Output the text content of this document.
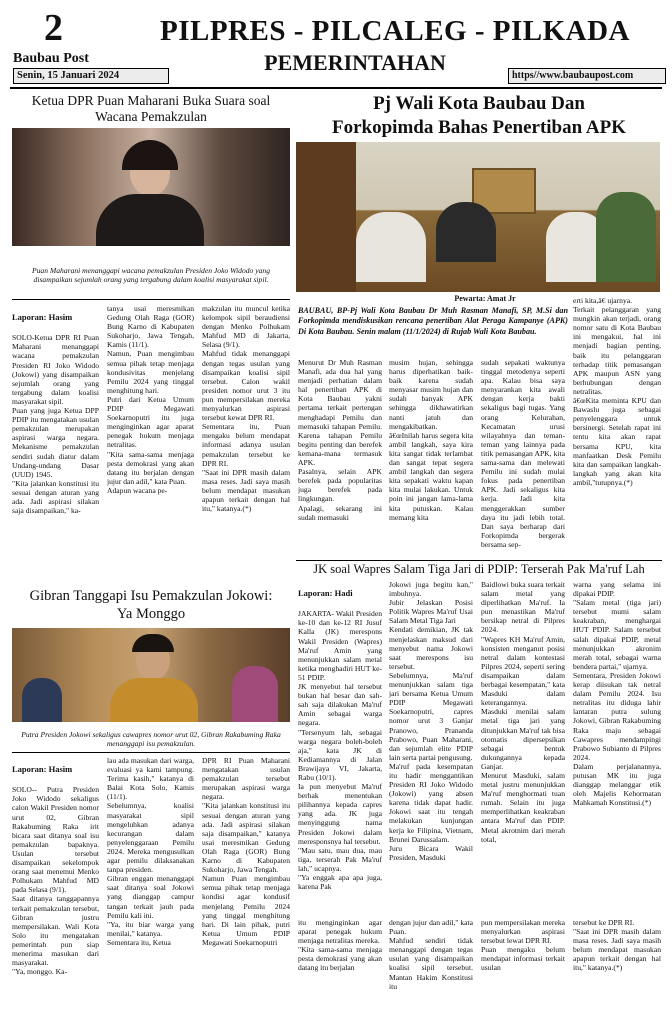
2
Baubau Post
Senin, 15 Januari 2024
PILPRES - PILCALEG - PILKADA
PEMERINTAHAN
https//www.baubaupost.com
Ketua DPR Puan Maharani Buka Suara soal Wacana Pemakzulan
Puan Maharani menanggapi wacana pemakzulan Presiden Joko Widodo yang disampaikan sejumlah orang yang tergabung dalam koalisi masyarakat sipil.

Laporan: Hasim

SOLO-Ketua DPR RI Puan Maharani menanggapi wacana pemakzulan Presiden RI Joko Widodo (Jokowi) yang disampaikan sejumlah orang yang tergabung dalam koalisi masyarakat sipil.
Puan yang juga Ketua DPP PDIP itu mengatakan usulan pemakzulan merupakan aspirasi warga negara. Mekanisme pemakzulan sendiri sudah diatur dalam Undang-undang Dasar (UUD) 1945.
"Kita jalankan konstitusi itu sesuai dengan aturan yang ada. Jadi aspirasi silakan saja disampaikan," ka-

tanya usai meresmikan Gedung Olah Raga (GOR) Bung Karno di Kabupaten Sukoharjo, Jawa Tengah, Kamis (11/1).
Namun, Puan mengimbau semua pihak tetap menjaga kondusivitas menjelang Pemilu 2024 yang tinggal menghitung hari.
Putri dari Ketua Umum PDIP Megawati Soekarnoputri itu juga menginginkan agar aparat penegak hukum menjaga netralitas.
"Kita sama-sama menjaga pesta demokrasi yang akan datang itu berjalan dengan jujur dan adil," kata Puan.
Adapun wacana pe-
makzulan itu muncul ketika kelompok sipil beraudiensi dengan Menko Polhukam Mahfud MD di Jakarta, Selasa (9/1).
Mahfud tidak menanggapi dengan tegas usulan yang disampaikan koalisi sipil tersebut. Calon wakil presiden nomor urut 3 itu pun mempersilakan mereka menyalurkan aspirasi tersebut kewat DPR RI.
Sementara itu, Puan mengaku belum mendapat informasi adanya usulan pemakzulan tersebut ke DPR RI.
"Saat ini DPR masih dalam masa reses. Jadi saya masih belum mendapat masukan apapun terkait dengan hal itu," katanya.(*)
Pj Wali Kota Baubau Dan
Forkopimda Bahas Penertiban APK
Pewarta: Amat Jr
BAUBAU, BP-Pj Wali Kota Baubau Dr Muh Rasman Manafi, SP, M.Si dan Forkopimda mendiskusikan rencana penertiban Alat Peraga Kampanye (APK) Di Kota Baubau. Senin malam (11/1/2024) di Rujab Wali Kota Baubau.
Menurut Dr Muh Rasman Manafi, ada dua hal yang menjadi perhatian dalam hal penertiban APK di Kota Baubau yakni pertama terkait pertengan menghadapi Pemilu dan memasuki tahapan Pemilu. Karena tahapan Pemilu begitu penting dan berefek kemana-mana termasuk APK.
Pasalnya, selain APK berefek pada popularitas juga berefek pada lingkungan.
Apalagi, sekarang ini sudah memasuki
musim hujan, sehingga harus diperhatikan baik-baik karena sudah menyasar musim hujan dan sudah banyak APK sehingga dikhawatirkan nanti jatuh dan mengakibatkan.
â€œInilah harus segera kita ambil langkah, saya kira kita sangat tidak terlambat dan sangat tepat segera ambil langkah dan segera kita sepakati waktu kapan kita mulai lakukan. Untuk poin ini jangan lama-lama kita putuskan. Kalau memang kita
sudah sepakati waktunya tinggal metodenya seperti apa. Kalau bisa saya menyarankan kita awali dengan kerja bakti sekaligus bagi tugas. Yang orang Kelurahan, Kecamatan urusi wilayahnya dan teman-teman yang lainnya pada titik pemasangan APK, kita sama-sama dan melewati Pemilu ini sudah mulai fokus pada penertiban APK. Jadi sekaligus kita kerja. Jadi kita menggerakkan sumber daya itu jadi lebih total. Dan saya berharap dari Forkopimda bergerak bersama sep-
erti kita,â€ ujarnya.
Terkait pelanggaran yang mungkin akan terjadi, orang nomor satu di Kota Baubau ini mengakui, hal ini menjadi bagian penting, baik itu pelanggaran terhadap titik pemasangan APK maupun ASN yang berhubungan dengan netralitas.
â€œKita meminta KPU dan Bawaslu juga sebagai penyelenggara untuk bersinergi. Setelah rapat ini tentu kita akan rapat bersama KPU, kita manfaatkan Desk Pemilu kita dan sampaikan langkah-langkah yang akan kita ambil,"tutupnya.(*)
Gibran Tanggapi Isu Pemakzulan Jokowi:
Ya Monggo
Putra Presiden Jokowi sekaligus cawapres nomor urut 02, Gibran Rakabuming Raka menanggapi isu pemakzulan.

Laporan: Hasim

SOLO-- Putra Presiden Joko Widodo sekaligus calon Wakil Presiden nomor urut 02, Gibran Rakabuming Raka irit bicara saat ditanya soal isu pemakzulan bapaknya. Usulan tersebut disampaikan sekelompok orang saat menemui Menko Polhukam Mahfud MD pada Selasa (9/1).
Saat ditanya tanggapannya terkait pemakzulan tersebut, Gibran justru mempersilakan. Wali Kota Solo itu mengatakan pemerintah pun siap menerima masukan dari masyarakat.
"Ya, monggo. Ka-

lau ada masukan dari warga, evaluasi ya kami tampung. Terima kasih," katanya di Balai Kota Solo, Kamis (11/1).
Sebelumnya, koalisi masyarakat sipil mengeluhkan adanya kecurangan dalam penyelenggaraan Pemilu 2024. Mereka mengusulkan agar pemilu dilaksanakan tanpa presiden.
Gibran enggan menanggapi saat ditanya soal Jokowi yang dianggap campur tangan terkait jauh pada Pemilu kali ini.
"Ya, itu biar warga yang menilai," katanya.
Sementara itu, Ketua
DPR RI Puan Maharani mengatakan usulan pemakzulan tersebut merupakan aspirasi warga negara.
"Kita jalankan konstitusi itu sesuai dengan aturan yang ada. Jadi aspirasi silakan saja disampaikan," katanya usai meresmikan Gedung Olah Raga (GOR) Bung Karno di Kabupaten Sukoharjo, Jawa Tengah.
Namun Puan mengimbau semua pihak tetap menjaga kondisi agar kondusif menjelang Pemilu 2024 yang tinggal menghitung hari. Di lain pihak, putri Ketua Umum PDIP Megawati Soekarnoputri
JK soal Wapres Salam Tiga Jari di PDIP: Terserah Pak Ma'ruf Lah

Laporan: Hadi

JAKARTA- Wakil Presiden ke-10 dan ke-12 RI Jusuf Kalla (JK) merespons Wakil Presiden (Wapres) Ma'ruf Amin yang menunjukkan salam metal ketika menghadiri HUT ke-51 PDIP.
JK menyebut hal tersebut bukan hal besar dan sah-sah saja dilakukan Ma'ruf Amin sebagai warga negara.
"Tersenyum lah, sebagai warga negara boleh-boleh aja," kata JK di Kediamannya di Jalan Brawijaya VI, Jakarta, Rabu (10/1).
Ia pun menyebut Ma'ruf berhak menentukan pilihannya kepada capres yang ada. JK juga menyinggung nama Presiden Jokowi dalam meresponsnya hal tersebut.
"Mau satu, mau dua, mau tiga, terserah Pak Ma'ruf lah," ucapnya.
"Ya enggak apa apa juga, karena Pak

Jokowi juga begitu kan," imbuhnya.
Jubir Jelaskan Posisi Politik Wapres Ma'ruf Usai Salam Metal Tiga Jari
Kendati demikian, JK tak menjelaskan maksud dari menyebut nama Jokowi saat merespons isu tersebut.
Sebelumnya, Ma'ruf menunjukkan salam tiga jari bersama Ketua Umum PDIP Megawati Soekarnoputri, capres nomor urut 3 Ganjar Pranowo, Prananda Prabowo, Puan Maharani, dan sejumlah elite PDIP lain serta partai pengusung.
Ma'ruf pada kesempatan itu hadir menggantikan Presiden RI Joko Widodo (Jokowi) yang absen karena tidak dapat hadir. Jokowi saat itu tengah melakukan kunjungan kerja ke Filipina, Vietnam, Brunei Darussalam.
Juru Bicara Wakil Presiden, Masduki
Baidlowi buka suara terkait salam metal yang diperlihatkan Ma'ruf. Ia pun menastikan Ma'ruf bersikap netral di Pilpres 2024.
"Wapres KH Ma'ruf Amin, konsisten menganut posisi netral dalam kontestasi Pilpres 2024, seperti sering disampaikan dalam berbagai kesempatan," kata Masduki dalam keterangannya.
Masduki menilai salam metal tiga jari yang ditunjukkan Ma'ruf tak bisa otomatis dipersepsikan sebagai bentuk dukungannya kepada Ganjar.
Menurut Masduki, salam metal justru menunjukkan Ma'ruf menghormati tuan rumah. Selain itu juga memperlihatkan keakraban antara Ma'ruf dan PDIP. Metal akrotnim dari merah total,
warna yang selama ini dipakai PDIP.
"Salam metal (tiga jari) tersebut mumi salam keakraban, menghargai HUT PDIP. Salam tersebut salah dipakai PDIP, metal menunjukkan akronim merah total, sebagai warna bendera partai," ujarnya.
Sementara, Presiden Jokowi kerap diisukan tak netral dalam Pemilu 2024. Isu netralitas itu diduga lahir lantaran putra sulung Jokowi, Gibran Rakabuming Raka maju sebagai Cawapres mendampingi Prabowo Subianto di Pilpres 2024.
Dalam perjalanannya, putusan MK itu juga dianggap melanggar etik oleh Majelis Kehormatan Mahkamah Konstitusi.(*)
itu menginginkan agar aparat penegak hukum menjaga netralitas mereka.
"Kita sama-sama menjaga pesta demokrasi yang akan datang itu berjalan
dengan jujur dan adil," kata Puan.
Mahfud sendiri tidak menanggapi dengan tegas usulan yang disampaikan koalisi sipil tersebut. Mantan Hakim Konstitusi itu
pun mempersilakan mereka menyalurkan aspirasi tersebut lewat DPR RI.
Puan mengaku belum mendapat informasi terkait usulan
tersebut ke DPR RI.
"Saat ini DPR masih dalam masa reses. Jadi saya masih belum mendapat masukan apapun terkait dengan hal itu," katanya.(*)
